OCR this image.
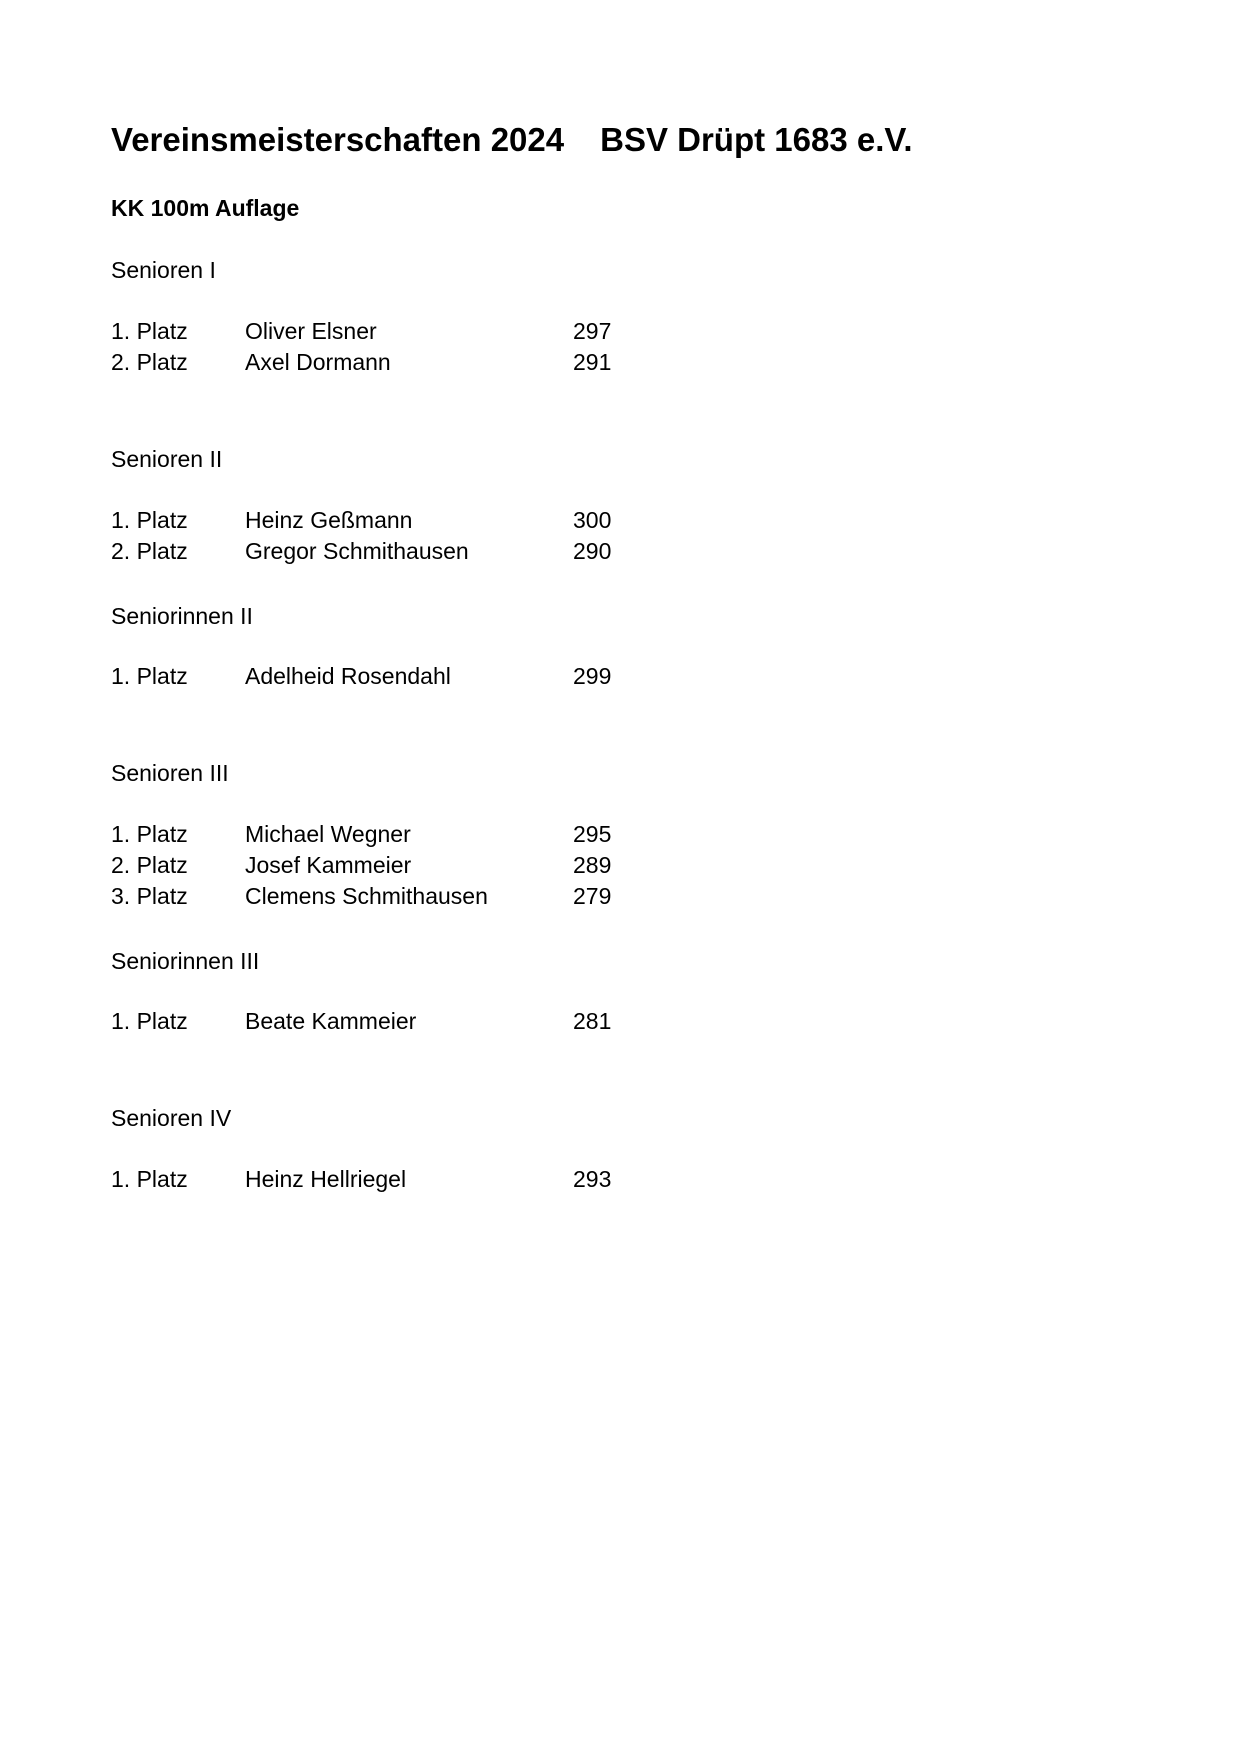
Vereinsmeisterschaften 2024 BSV Drüpt 1683 e.V.
KK 100m Auflage
Senioren I
1. Platz Oliver Elsner	297
2. Platz Axel Dormann	291
Senioren II
1. Platz Heinz Geßmann	300
2. Platz Gregor Schmithausen	290
Seniorinnen II
1. Platz Adelheid Rosendahl	299
Senioren III
1. Platz Michael Wegner	295
2. Platz Josef Kammeier	289
3. Platz Clemens Schmithausen	279
Seniorinnen III
1. Platz Beate Kammeier	281
Senioren IV
1. Platz Heinz Hellriegel	293
